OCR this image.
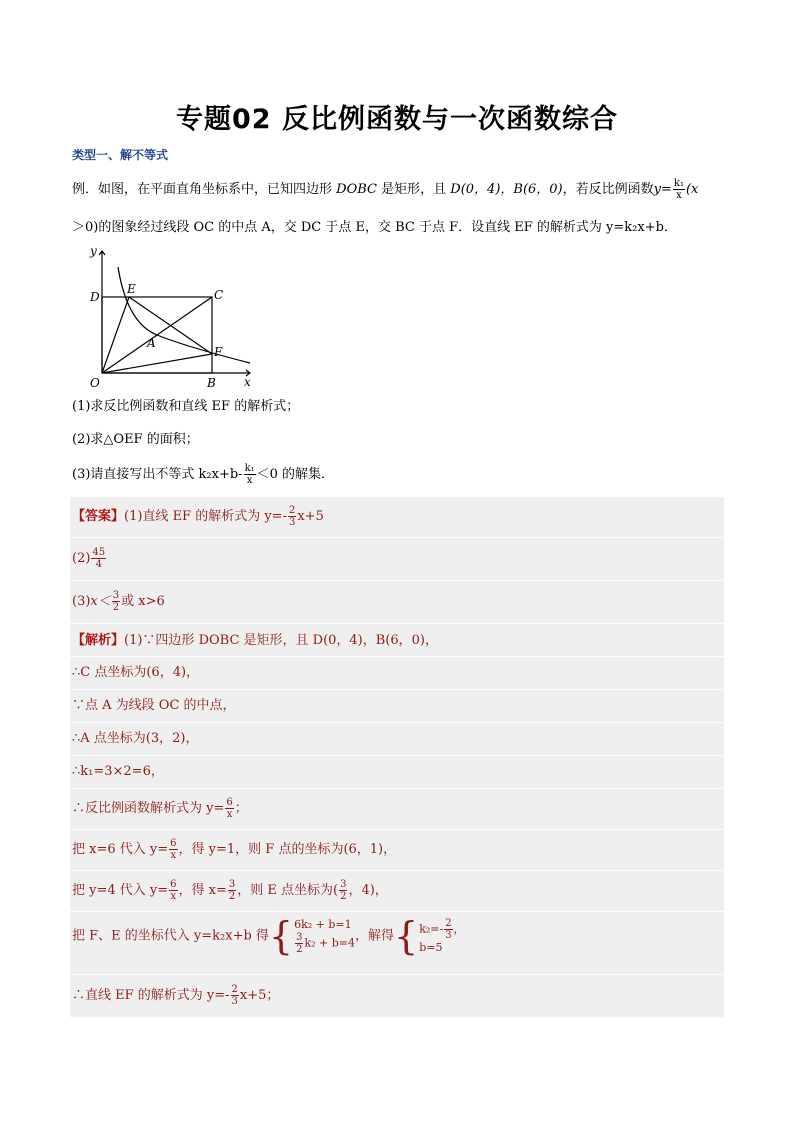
专题02 反比例函数与一次函数综合
类型一、解不等式
例．如图，在平面直角坐标系中，已知四边形 DOBC 是矩形，且 D(0，4)，B(6，0)，若反比例函数$y= \frac{\text{k₁}}{x} (x$
＞0)的图象经过线段 OC 的中点 A，交 DC 于点 E，交 BC 于点 F．设直线 EF 的解析式为 y=k₂x+b．
y
x
O
D
E	C
A
F
B
(1)求反比例函数和直线 EF 的解析式；
(2)求△OEF 的面积；
(3)请直接写出不等式 $k_2x+b- \frac{\text{k₁}}{x} <0$ 的解集．
【答案】(1)直线 EF 的解析式为 $y=- \frac{2}{3} x+5$
$(2) \frac{45}{4}$
$(3)x< \frac{3}{2}$ 或 x>6
【解析】(1)∵四边形 DOBC 是矩形，且 D(0，4)，B(6，0)，
∴C 点坐标为(6，4)，
∵点 A 为线段 OC 的中点，
∴A 点坐标为(3，2)，
∴k₁=3×2=6，
∴反比例函数解析式为 $y= \frac{6}{x}$ ；
把 x=6 代入 $y= \frac{6}{x}$ ，得 y=1，则 F 点的坐标为(6，1)，
把 y=4 代入 $y= \frac{6}{x}$ ，得 $x= \frac{3}{2}$ ，则 E 点坐标为( $\frac{3}{2}$ ，4)，
把 F、E 的坐标代入 y=k₂x+b 得{ 6k₂ + b=1
$\frac{3}{2} k_2 + b=4$ ，解得{ $k_2=- \frac{2}{3}$ ，
b=5
∴直线 EF 的解析式为 $y=- \frac{2}{3} x+5$；
